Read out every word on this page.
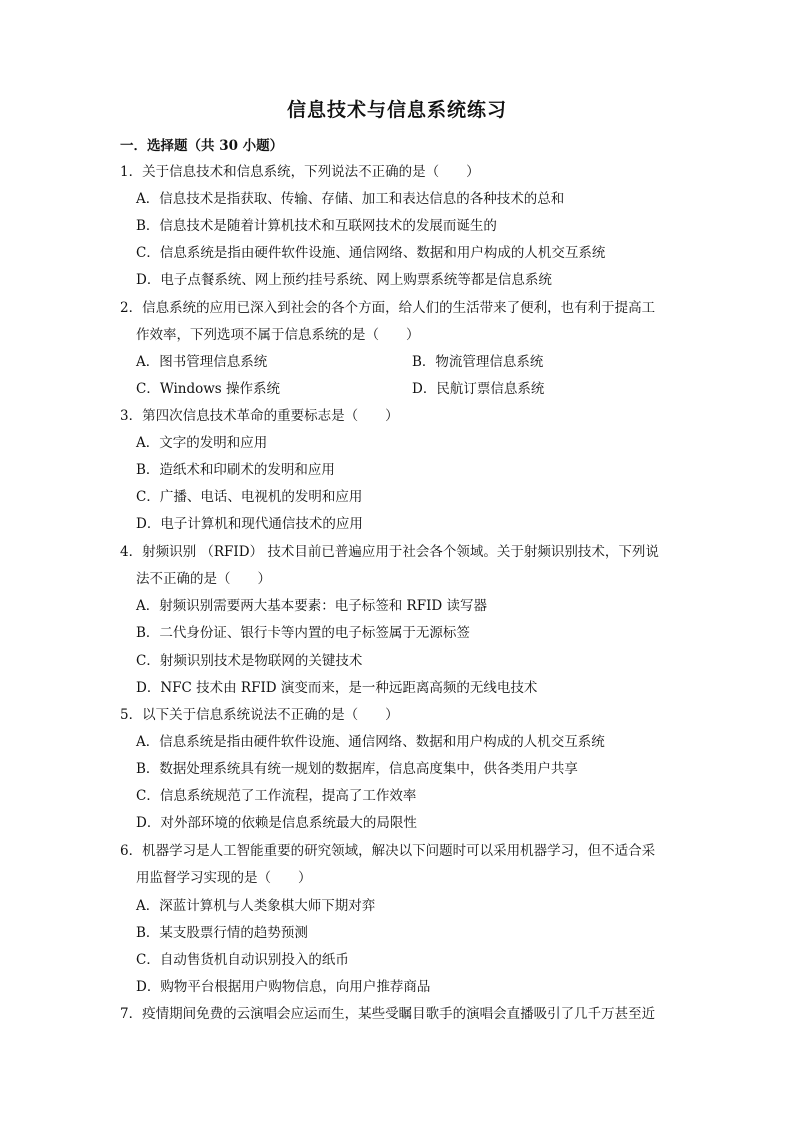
信息技术与信息系统练习
一．选择题（共 30 小题）
1．关于信息技术和信息系统，下列说法不正确的是（　　）
A．信息技术是指获取、传输、存储、加工和表达信息的各种技术的总和
B．信息技术是随着计算机技术和互联网技术的发展而诞生的
C．信息系统是指由硬件软件设施、通信网络、数据和用户构成的人机交互系统
D．电子点餐系统、网上预约挂号系统、网上购票系统等都是信息系统
2．信息系统的应用已深入到社会的各个方面，给人们的生活带来了便利，也有利于提高工
作效率，下列选项不属于信息系统的是（　　）
A．图书管理信息系统	B．物流管理信息系统
C．Windows 操作系统	D．民航订票信息系统
3．第四次信息技术革命的重要标志是（　　）
A．文字的发明和应用
B．造纸术和印刷术的发明和应用
C．广播、电话、电视机的发明和应用
D．电子计算机和现代通信技术的应用
4．射频识别 （RFID） 技术目前已普遍应用于社会各个领域。关于射频识别技术，下列说
法不正确的是（　　）
A．射频识别需要两大基本要素：电子标签和 RFID 读写器
B．二代身份证、银行卡等内置的电子标签属于无源标签
C．射频识别技术是物联网的关键技术
D．NFC 技术由 RFID 演变而来，是一种远距离高频的无线电技术
5．以下关于信息系统说法不正确的是（　　）
A．信息系统是指由硬件软件设施、通信网络、数据和用户构成的人机交互系统
B．数据处理系统具有统一规划的数据库，信息高度集中，供各类用户共享
C．信息系统规范了工作流程，提高了工作效率
D．对外部环境的依赖是信息系统最大的局限性
6．机器学习是人工智能重要的研究领域，解决以下问题时可以采用机器学习，但不适合采
用监督学习实现的是（　　）
A．深蓝计算机与人类象棋大师下期对弈
B．某支股票行情的趋势预测
C．自动售货机自动识别投入的纸币
D．购物平台根据用户购物信息，向用户推荐商品
7．疫情期间免费的云演唱会应运而生，某些受瞩目歌手的演唱会直播吸引了几千万甚至近
